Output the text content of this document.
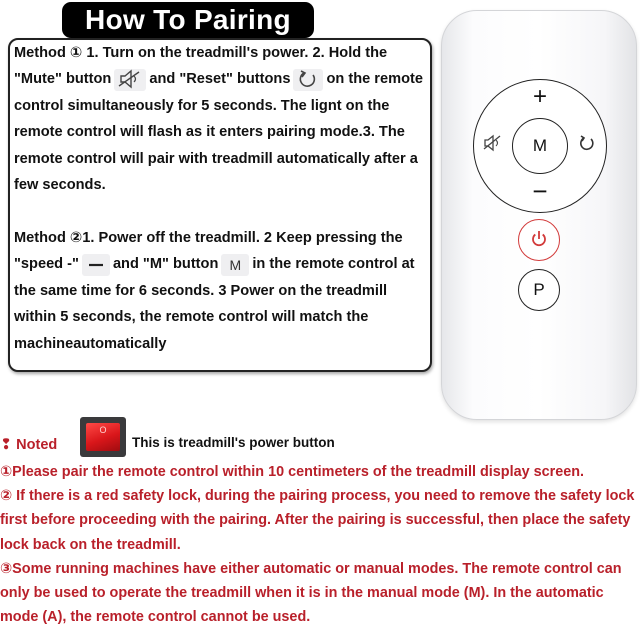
How To Pairing
Method ① 1. Turn on the treadmill's power. 2. Hold the "Mute" button	and "Reset" buttons on the remote control simultaneously for 5 seconds. The lignt on the remote control will flash as it enters pairing mode.3. The remote control will pair with treadmill automatically after a few seconds.
Method ②1. Power off the treadmill. 2 Keep pressing the "speed -" and "M" button M in the remote control at the same time for 6 seconds. 3 Power on the treadmill within 5 seconds, the remote control will match the machineautomatically
+
M
−
P
❢ Noted
O
This is treadmill's power button

①Please pair the remote control within 10 centimeters of the treadmill display screen.

② If there is a red safety lock, during the pairing process, you need to remove the safety lock first before proceeding with the pairing. After the pairing is successful, then place the safety lock back on the treadmill.

③Some running machines have either automatic or manual modes. The remote control can only be used to operate the treadmill when it is in the manual mode (M). In the automatic mode (A), the remote control cannot be used.
